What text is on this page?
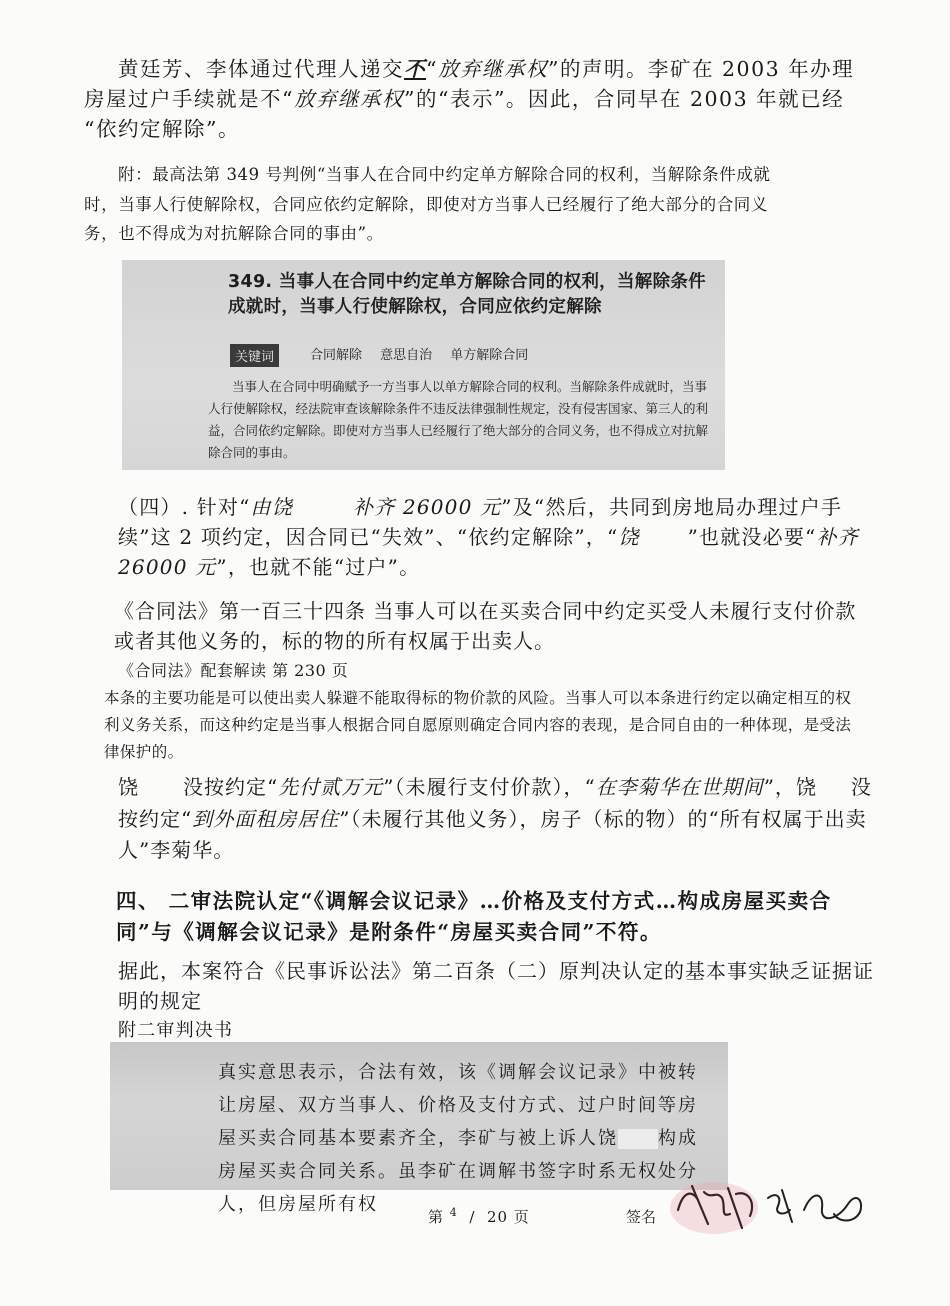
黄廷芳、李体通过代理人递交不“放弃继承权”的声明。李矿在 2003 年办理
房屋过户手续就是不“放弃继承权”的“表示”。因此，合同早在 2003 年就已经
“依约定解除”。
附：最高法第 349 号判例“当事人在合同中约定单方解除合同的权利，当解除条件成就
时，当事人行使解除权，合同应依约定解除，即使对方当事人已经履行了绝大部分的合同义
务，也不得成为对抗解除合同的事由”。
349. 当事人在合同中约定单方解除合同的权利，当解除条件成就时，当事人行使解除权，合同应依约定解除
关键词	合同解除 意思自治 单方解除合同
当事人在合同中明确赋予一方当事人以单方解除合同的权利。当解除条件成就时，当事人行使解除权，经法院审查该解除条件不违反法律强制性规定，没有侵害国家、第三人的利益，合同依约定解除。即使对方当事人已经履行了绝大部分的合同义务，也不得成立对抗解除合同的事由。
（四）. 针对“由饶	补齐 26000 元”及“然后，共同到房地局办理过户手续”这 2 项约定，因合同已“失效”、“依约定解除”，“饶 ”也就没必要“补齐 26000 元”，也就不能“过户”。
《合同法》第一百三十四条 当事人可以在买卖合同中约定买受人未履行支付价款或者其他义务的，标的物的所有权属于出卖人。
《合同法》配套解读 第 230 页
本条的主要功能是可以使出卖人躲避不能取得标的物价款的风险。当事人可以本条进行约定以确定相互的权利义务关系，而这种约定是当事人根据合同自愿原则确定合同内容的表现，是合同自由的一种体现，是受法律保护的。
饶 没按约定“先付贰万元”（未履行支付价款），“在李菊华在世期间”，饶 没按约定“到外面租房居住”（未履行其他义务），房子（标的物）的“所有权属于出卖人”李菊华。
四、 二审法院认定“《调解会议记录》…价格及支付方式…构成房屋买卖合同”与《调解会议记录》是附条件“房屋买卖合同”不符。
据此，本案符合《民事诉讼法》第二百条（二）原判决认定的基本事实缺乏证据证明的规定
附二审判决书
真实意思表示，合法有效，该《调解会议记录》中被转让房屋、双方当事人、价格及支付方式、过户时间等房屋买卖合同基本要素齐全，李矿与被上诉人饶 构成房屋买卖合同关系。虽李矿在调解书签字时系无权处分人，但房屋所有权
第 $^4$ / 20 页	签名
